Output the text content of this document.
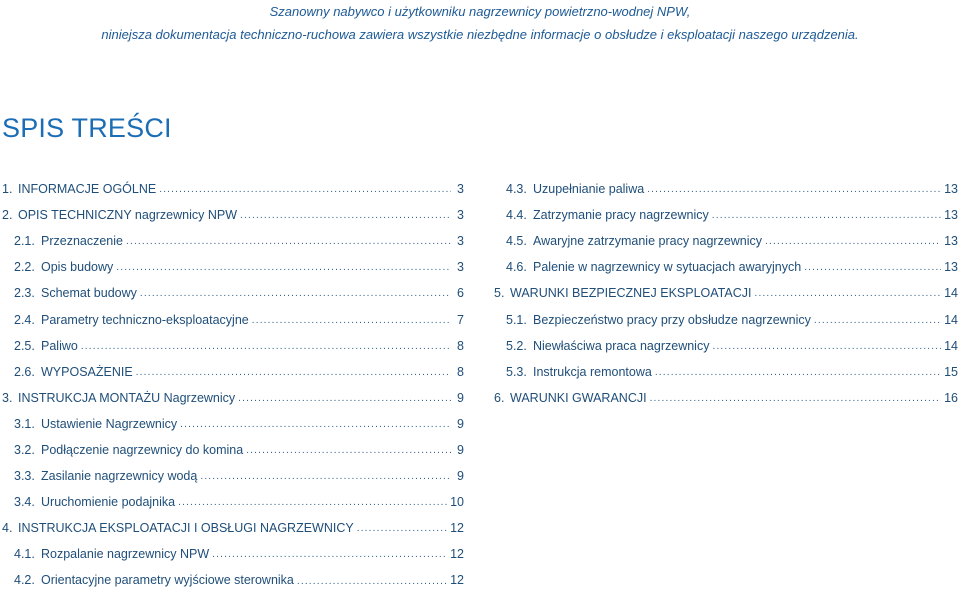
Szanowny nabywco i użytkowniku nagrzewnicy powietrzno-wodnej NPW,
niniejsza dokumentacja techniczno-ruchowa zawiera wszystkie niezbędne informacje o obsłudze i eksploatacji naszego urządzenia.
SPIS TREŚCI
1. INFORMACJE OGÓLNE .....	3
2. OPIS TECHNICZNY nagrzewnicy NPW .....	3
2.1. Przeznaczenie .....	3
2.2. Opis budowy .....	3
2.3. Schemat budowy .....	6
2.4. Parametry techniczno-eksploatacyjne .....	7
2.5. Paliwo .....	8
2.6. WYPOSAŻENIE .....	8
3. INSTRUKCJA MONTAŻU Nagrzewnicy .....	9
3.1. Ustawienie Nagrzewnicy .....	9
3.2. Podłączenie nagrzewnicy do komina .....	9
3.3. Zasilanie nagrzewnicy wodą .....	9
3.4. Uruchomienie podajnika .....	10
4. INSTRUKCJA EKSPLOATACJI I OBSŁUGI NAGRZEWNICY .....	12
4.1. Rozpalanie nagrzewnicy NPW .....	12
4.2. Orientacyjne parametry wyjściowe sterownika .....	12
4.3. Uzupełnianie paliwa .....	13
4.4. Zatrzymanie pracy nagrzewnicy .....	13
4.5. Awaryjne zatrzymanie pracy nagrzewnicy .....	13
4.6. Palenie w nagrzewnicy w sytuacjach awaryjnych .....	13
5. WARUNKI BEZPIECZNEJ EKSPLOATACJI .....	14
5.1. Bezpieczeństwo pracy przy obsłudze nagrzewnicy .....	14
5.2. Niewłaściwa praca nagrzewnicy .....	14
5.3. Instrukcja remontowa .....	15
6. WARUNKI GWARANCJI .....	16
